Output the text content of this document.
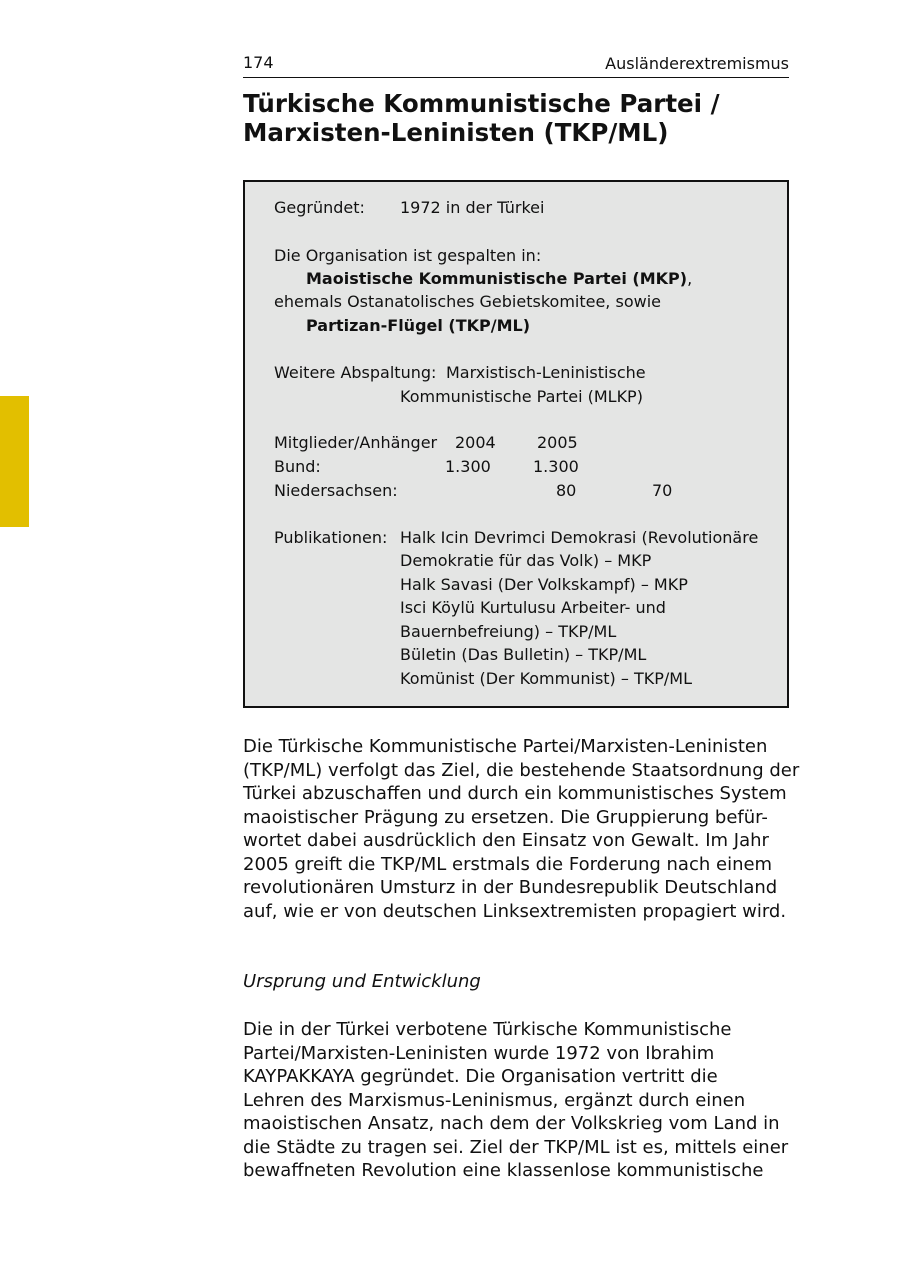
174	Ausländerextremismus
Türkische Kommunistische Partei /
Marxisten-Leninisten (TKP/ML)
Gegründet: 1972 in der Türkei
Die Organisation ist gespalten in:
Maoistische Kommunistische Partei (MKP),
ehemals Ostanatolisches Gebietskomitee, sowie
Partizan-Flügel (TKP/ML)
Weitere Abspaltung: Marxistisch-Leninistische
Kommunistische Partei (MLKP)
Mitglieder/Anhänger 2004	2005
Bund:	1.300	1.300
Niedersachsen:	80	70
Publikationen: Halk Icin Devrimci Demokrasi (Revolutionäre
Demokratie für das Volk) – MKP
Halk Savasi (Der Volkskampf) – MKP
Isci Köylü Kurtulusu Arbeiter- und
Bauernbefreiung) – TKP/ML
Bületin (Das Bulletin) – TKP/ML
Komünist (Der Kommunist) – TKP/ML

Die Türkische Kommunistische Partei/Marxisten-Leninisten
(TKP/ML) verfolgt das Ziel, die bestehende Staatsordnung der
Türkei abzuschaffen und durch ein kommunistisches System
maoistischer Prägung zu ersetzen. Die Gruppierung befür-
wortet dabei ausdrücklich den Einsatz von Gewalt. Im Jahr
2005 greift die TKP/ML erstmals die Forderung nach einem
revolutionären Umsturz in der Bundesrepublik Deutschland
auf, wie er von deutschen Linksextremisten propagiert wird.

Ursprung und Entwicklung

Die in der Türkei verbotene Türkische Kommunistische
Partei/Marxisten-Leninisten wurde 1972 von Ibrahim
KAYPAKKAYA gegründet. Die Organisation vertritt die
Lehren des Marxismus-Leninismus, ergänzt durch einen
maoistischen Ansatz, nach dem der Volkskrieg vom Land in
die Städte zu tragen sei. Ziel der TKP/ML ist es, mittels einer
bewaffneten Revolution eine klassenlose kommunistische
